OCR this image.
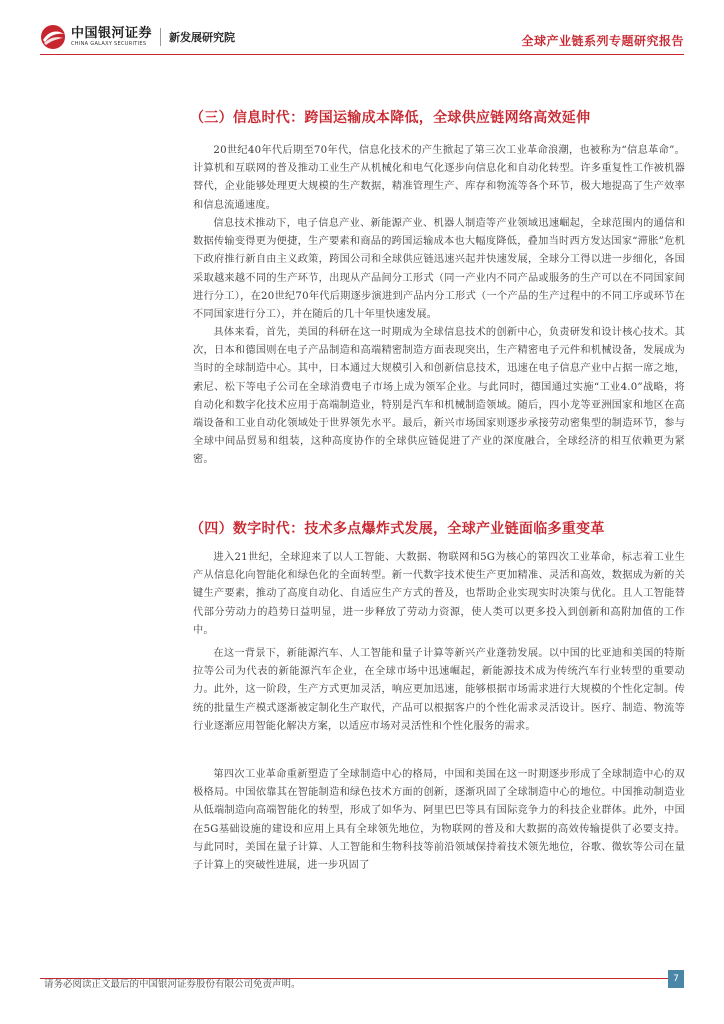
中国银河证券
CHINA GALAXY SECURITIES	新发展研究院	全球产业链系列专题研究报告
（三）信息时代：跨国运输成本降低，全球供应链网络高效延伸

20世纪40年代后期至70年代，信息化技术的产生掀起了第三次工业革命浪潮，也被称为“信息革命”。计算机和互联网的普及推动工业生产从机械化和电气化逐步向信息化和自动化转型。许多重复性工作被机器替代，企业能够处理更大规模的生产数据，精准管理生产、库存和物流等各个环节，极大地提高了生产效率和信息流通速度。

信息技术推动下，电子信息产业、新能源产业、机器人制造等产业领域迅速崛起，全球范围内的通信和数据传输变得更为便捷，生产要素和商品的跨国运输成本也大幅度降低，叠加当时西方发达国家“滞胀”危机下政府推行新自由主义政策，跨国公司和全球供应链迅速兴起并快速发展，全球分工得以进一步细化，各国采取越来越不同的生产环节，出现从产品间分工形式（同一产业内不同产品或服务的生产可以在不同国家间进行分工），在20世纪70年代后期逐步演进到产品内分工形式（一个产品的生产过程中的不同工序或环节在不同国家进行分工），并在随后的几十年里快速发展。

具体来看，首先，美国的科研在这一时期成为全球信息技术的创新中心，负责研发和设计核心技术。其次，日本和德国则在电子产品制造和高端精密制造方面表现突出，生产精密电子元件和机械设备，发展成为当时的全球制造中心。其中，日本通过大规模引入和创新信息技术，迅速在电子信息产业中占据一席之地，索尼、松下等电子公司在全球消费电子市场上成为领军企业。与此同时，德国通过实施“工业4.0”战略，将自动化和数字化技术应用于高端制造业，特别是汽车和机械制造领域。随后，四小龙等亚洲国家和地区在高端设备和工业自动化领域处于世界领先水平。最后，新兴市场国家则逐步承接劳动密集型的制造环节，参与全球中间品贸易和组装，这种高度协作的全球供应链促进了产业的深度融合，全球经济的相互依赖更为紧密。

（四）数字时代：技术多点爆炸式发展，全球产业链面临多重变革

进入21世纪，全球迎来了以人工智能、大数据、物联网和5G为核心的第四次工业革命，标志着工业生产从信息化向智能化和绿色化的全面转型。新一代数字技术使生产更加精准、灵活和高效，数据成为新的关键生产要素，推动了高度自动化、自适应生产方式的普及，也帮助企业实现实时决策与优化。且人工智能替代部分劳动力的趋势日益明显，进一步释放了劳动力资源，使人类可以更多投入到创新和高附加值的工作中。

在这一背景下，新能源汽车、人工智能和量子计算等新兴产业蓬勃发展。以中国的比亚迪和美国的特斯拉等公司为代表的新能源汽车企业，在全球市场中迅速崛起，新能源技术成为传统汽车行业转型的重要动力。此外，这一阶段，生产方式更加灵活，响应更加迅速，能够根据市场需求进行大规模的个性化定制。传统的批量生产模式逐渐被定制化生产取代，产品可以根据客户的个性化需求灵活设计。医疗、制造、物流等行业逐渐应用智能化解决方案，以适应市场对灵活性和个性化服务的需求。

第四次工业革命重新塑造了全球制造中心的格局，中国和美国在这一时期逐步形成了全球制造中心的双极格局。中国依靠其在智能制造和绿色技术方面的创新，逐渐巩固了全球制造中心的地位。中国推动制造业从低端制造向高端智能化的转型，形成了如华为、阿里巴巴等具有国际竞争力的科技企业群体。此外，中国在5G基础设施的建设和应用上具有全球领先地位，为物联网的普及和大数据的高效传输提供了必要支持。与此同时，美国在量子计算、人工智能和生物科技等前沿领域保持着技术领先地位，谷歌、微软等公司在量子计算上的突破性进展，进一步巩固了

请务必阅读正文最后的中国银河证券股份有限公司免责声明。	7
